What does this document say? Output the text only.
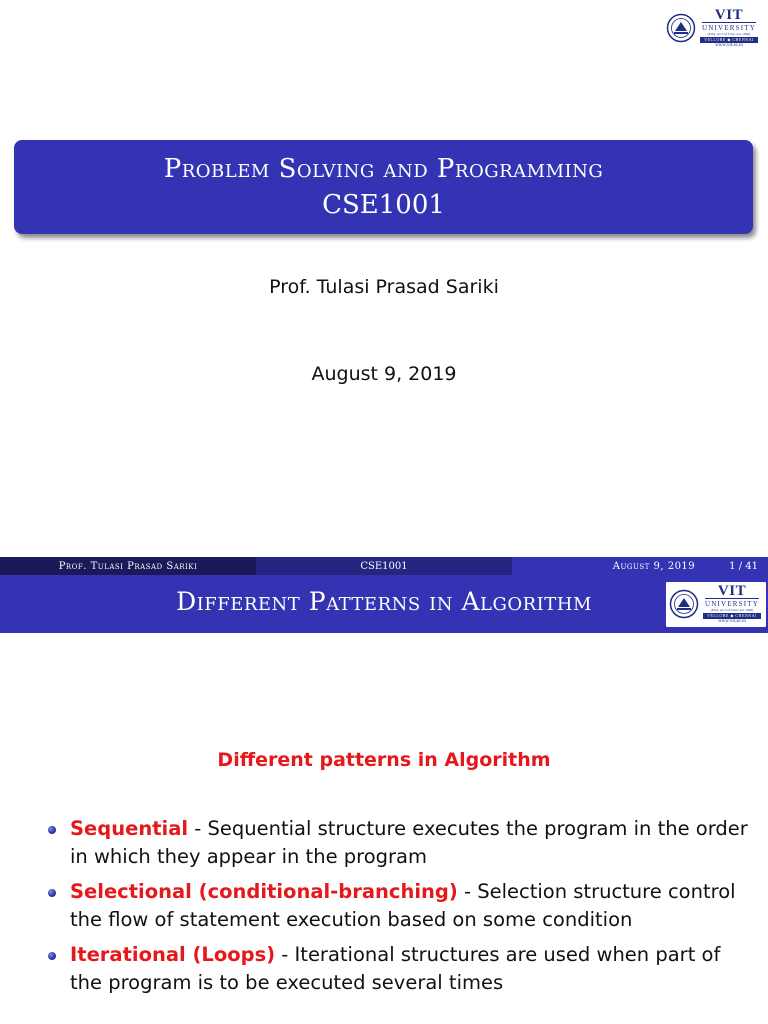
VIT
UNIVERSITY
(Estd. u/s 3 of UGC Act 1956)
VELLORE ◆ CHENNAI
www.vit.ac.in
Problem Solving and Programming
CSE1001
Prof. Tulasi Prasad Sariki
August 9, 2019
Prof. Tulasi Prasad Sariki	CSE1001	August 9, 2019	1 / 41
Different Patterns in Algorithm	VIT
UNIVERSITY
(Estd. u/s 3 of UGC Act 1956)
VELLORE ◆ CHENNAI
www.vit.ac.in
Different patterns in Algorithm
Sequential - Sequential structure executes the program in the order in which they appear in the program
Selectional (conditional-branching) - Selection structure control the flow of statement execution based on some condition
Iterational (Loops) - Iterational structures are used when part of the program is to be executed several times
